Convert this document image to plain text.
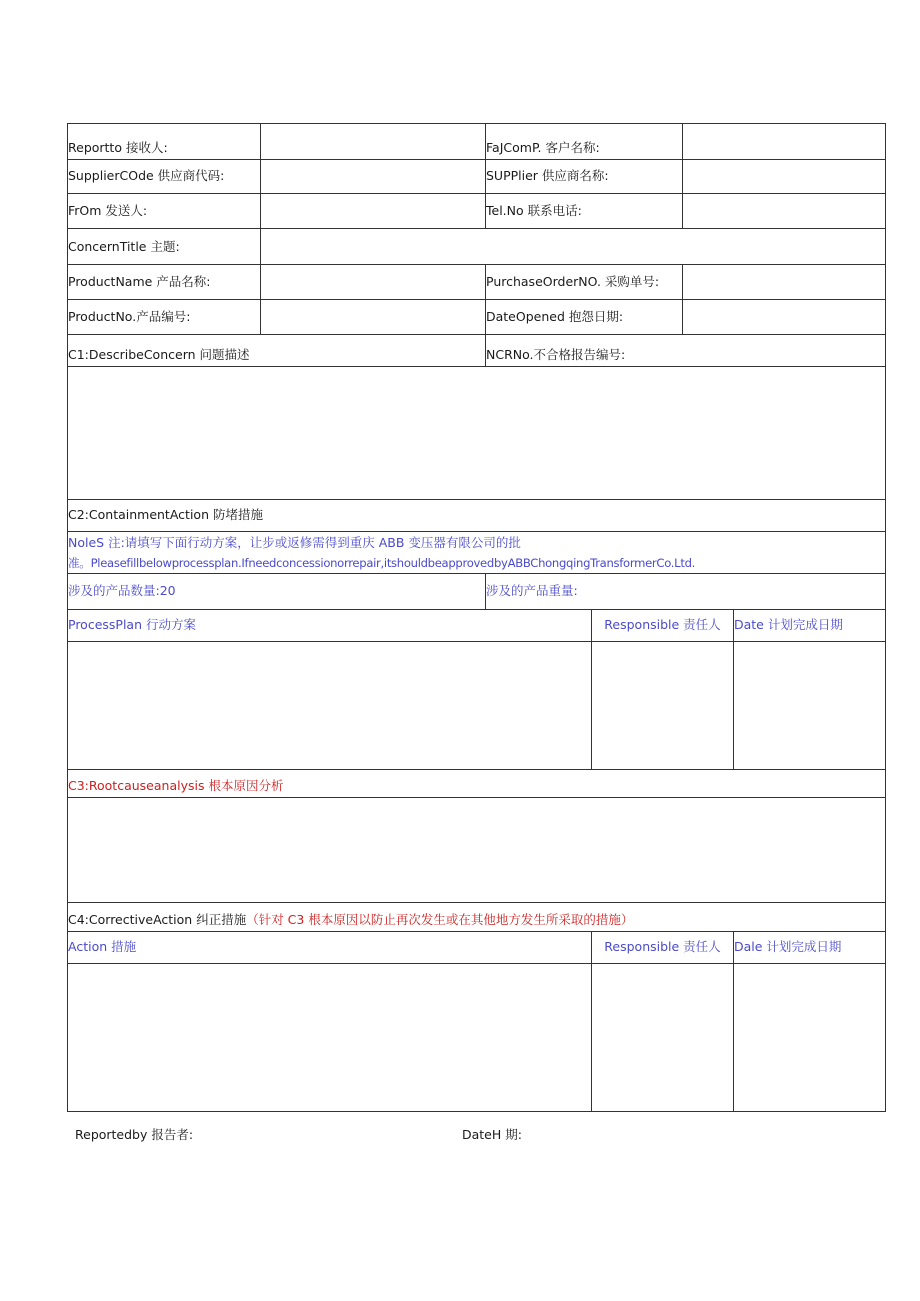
Reportto 接收人:	FaJComP. 客户名称:
SupplierCOde 供应商代码:	SUPPlier 供应商名称:
FrOm 发送人:	Tel.No 联系电话:
ConcernTitle 主题:
ProductName 产品名称:	PurchaseOrderNO. 采购单号:
ProductNo.产品编号:	DateOpened 抱怨日期:
C1:DescribeConcern 问题描述	NCRNo.不合格报告编号:
C2:ContainmentAction 防堵措施
NoleS 注:请填写下面行动方案，让步或返修需得到重庆 ABB 变压器有限公司的批
准。Pleasefillbelowprocessplan.Ifneedconcessionorrepair,itshouldbeapprovedbyABBChongqingTransformerCo.Ltd.
涉及的产品数量:20	涉及的产品重量:
ProcessPlan 行动方案	Responsible 责任人	Date 计划完成日期
C3:Rootcauseanalysis 根本原因分析
C4:CorrectiveAction 纠正措施 （针对 C3 根本原因以防止再次发生或在其他地方发生所采取的措施）
Action 措施	Responsible 责任人	Dale 计划完成日期
Reportedby 报告者:	DateH 期:
